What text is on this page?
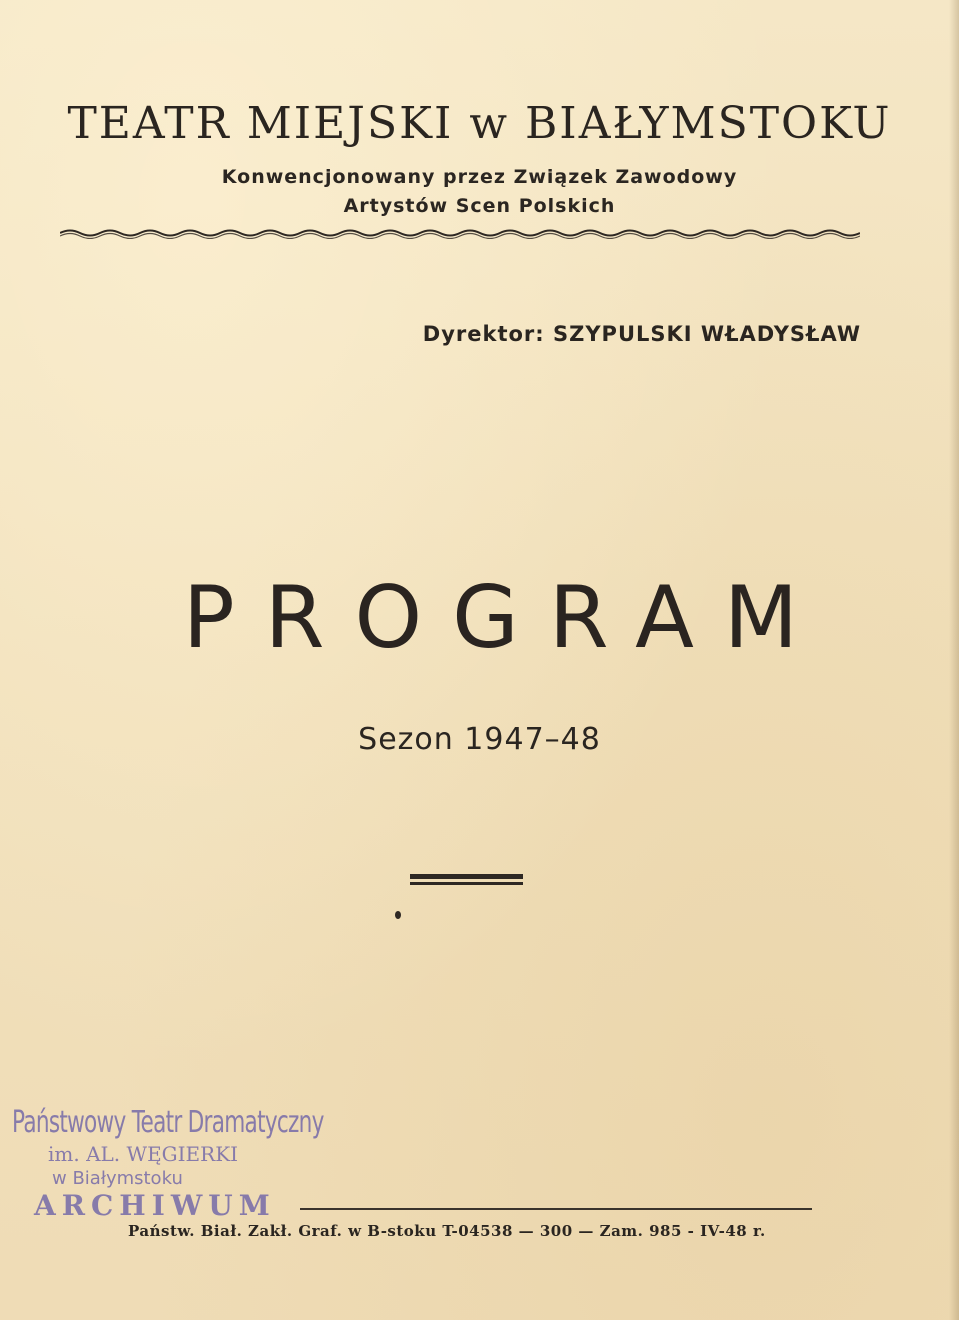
TEATR MIEJSKI w BIAŁYMSTOKU
Konwencjonowany przez Związek Zawodowy
Artystów Scen Polskich
Dyrektor: SZYPULSKI WŁADYSŁAW
PROGRAM
Sezon 1947–48
Państwowy Teatr Dramatyczny
im. AL. WĘGIERKI
w Białymstoku
ARCHIWUM
Państw. Biał. Zakł. Graf. w B-stoku T-04538 — 300 — Zam. 985 - IV-48 r.
